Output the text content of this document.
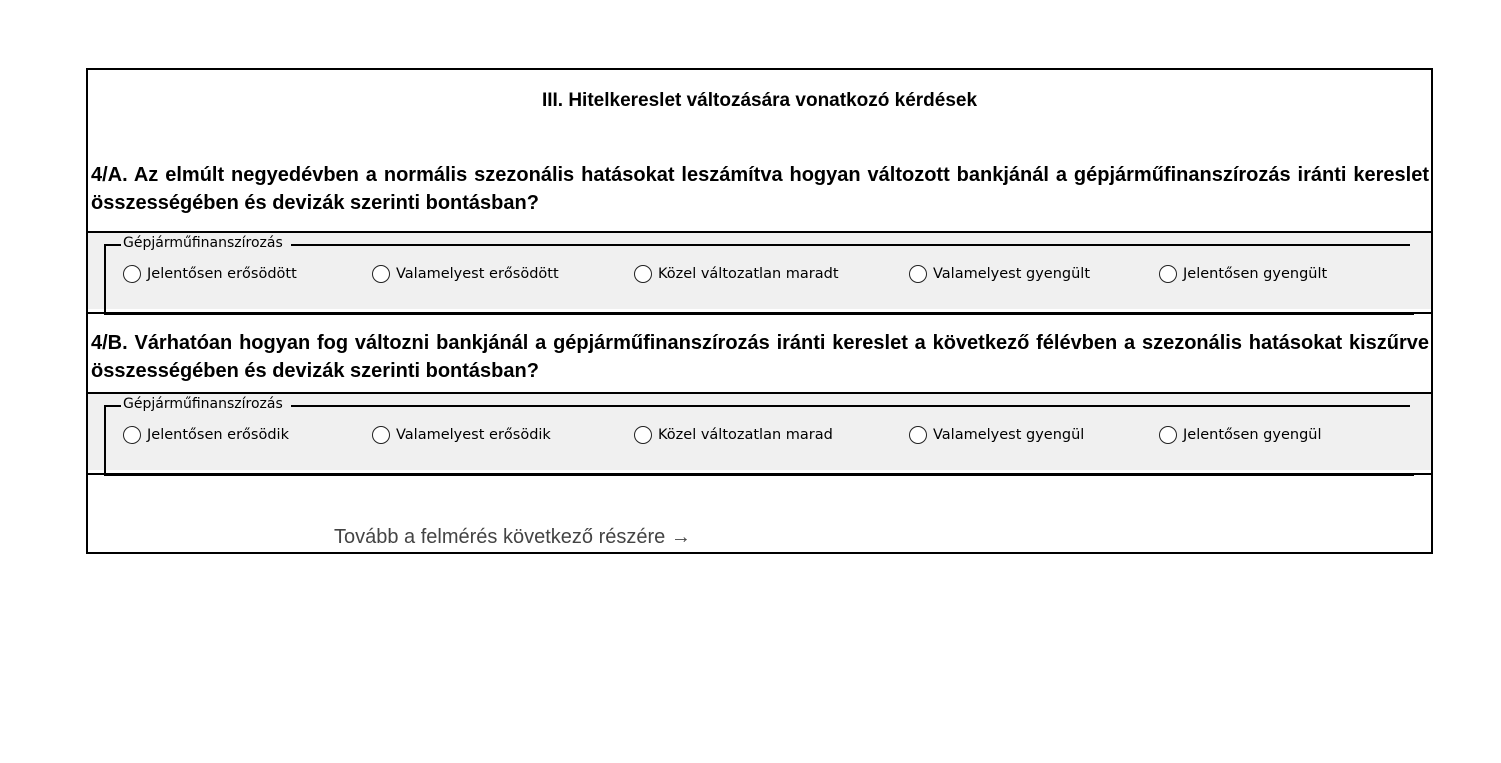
III. Hitelkereslet változására vonatkozó kérdések
4/A. Az elmúlt negyedévben a normális szezonális hatásokat leszámítva hogyan változott bankjánál a gépjárműfinanszírozás iránti kereslet összességében és devizák szerinti bontásban?
Gépjárműfinanszírozás
Jelentősen erősödött	Valamelyest erősödött	Közel változatlan maradt	Valamelyest gyengült	Jelentősen gyengült
4/B. Várhatóan hogyan fog változni bankjánál a gépjárműfinanszírozás iránti kereslet a következő félévben a szezonális hatásokat kiszűrve összességében és devizák szerinti bontásban?
Gépjárműfinanszírozás
Jelentősen erősödik	Valamelyest erősödik	Közel változatlan marad	Valamelyest gyengül	Jelentősen gyengül
Tovább a felmérés következő részére →
